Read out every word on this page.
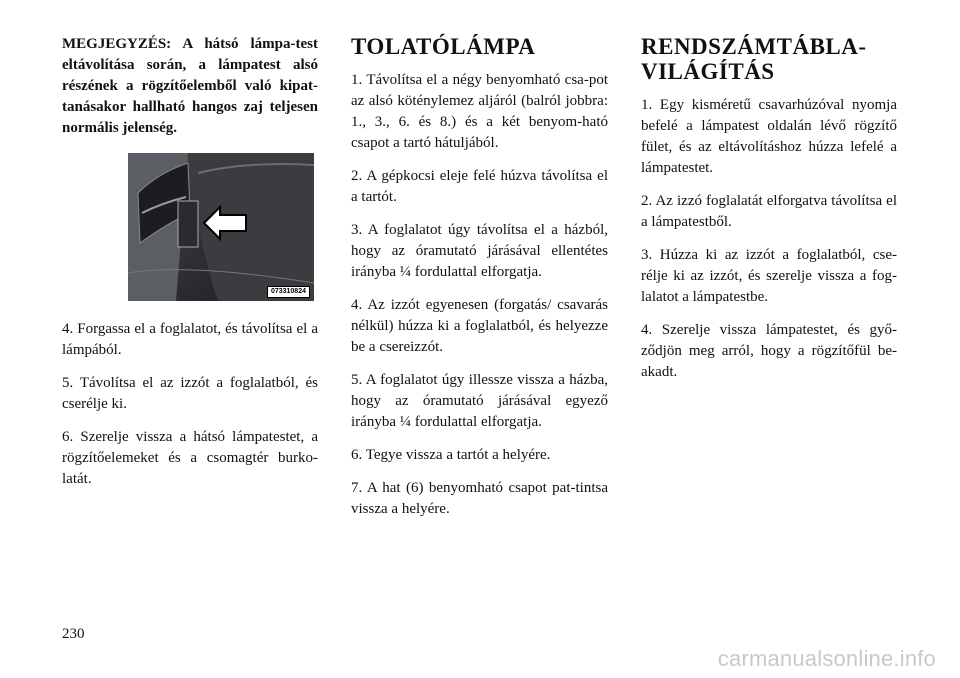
MEGJEGYZÉS: A hátsó lámpa-test eltávolítása során, a lámpatest alsó részének a rögzítőelemből való kipat-tanásakor hallható hangos zaj teljesen normális jelenség.

073310824

4. Forgassa el a foglalatot, és távolítsa el a lámpából.

5. Távolítsa el az izzót a foglalatból, és cserélje ki.

6. Szerelje vissza a hátsó lámpatestet, a rögzítőelemeket és a csomagtér burko-latát.

TOLATÓLÁMPA

1. Távolítsa el a négy benyomható csa-pot az alsó köténylemez aljáról (balról jobbra: 1., 3., 6. és 8.) és a két benyom-ható csapot a tartó hátuljából.

2. A gépkocsi eleje felé húzva távolítsa el a tartót.

3. A foglalatot úgy távolítsa el a házból, hogy az óramutató járásával ellentétes irányba ¼ fordulattal elforgatja.

4. Az izzót egyenesen (forgatás/ csavarás nélkül) húzza ki a foglalatból, és helyezze be a csereizzót.

5. A foglalatot úgy illessze vissza a házba, hogy az óramutató járásával egyező irányba ¼ fordulattal elforgatja.

6. Tegye vissza a tartót a helyére.

7. A hat (6) benyomható csapot pat-tintsa vissza a helyére.

RENDSZÁMTÁBLA-
VILÁGÍTÁS

1. Egy kisméretű csavarhúzóval nyomja befelé a lámpatest oldalán lévő rögzítő fület, és az eltávolításhoz húzza lefelé a lámpatestet.

2. Az izzó foglalatát elforgatva távolítsa el a lámpatestből.

3. Húzza ki az izzót a foglalatból, cse-rélje ki az izzót, és szerelje vissza a fog-lalatot a lámpatestbe.

4. Szerelje vissza lámpatestet, és győ-ződjön meg arról, hogy a rögzítőfül be-akadt.

230
carmanualsonline.info
